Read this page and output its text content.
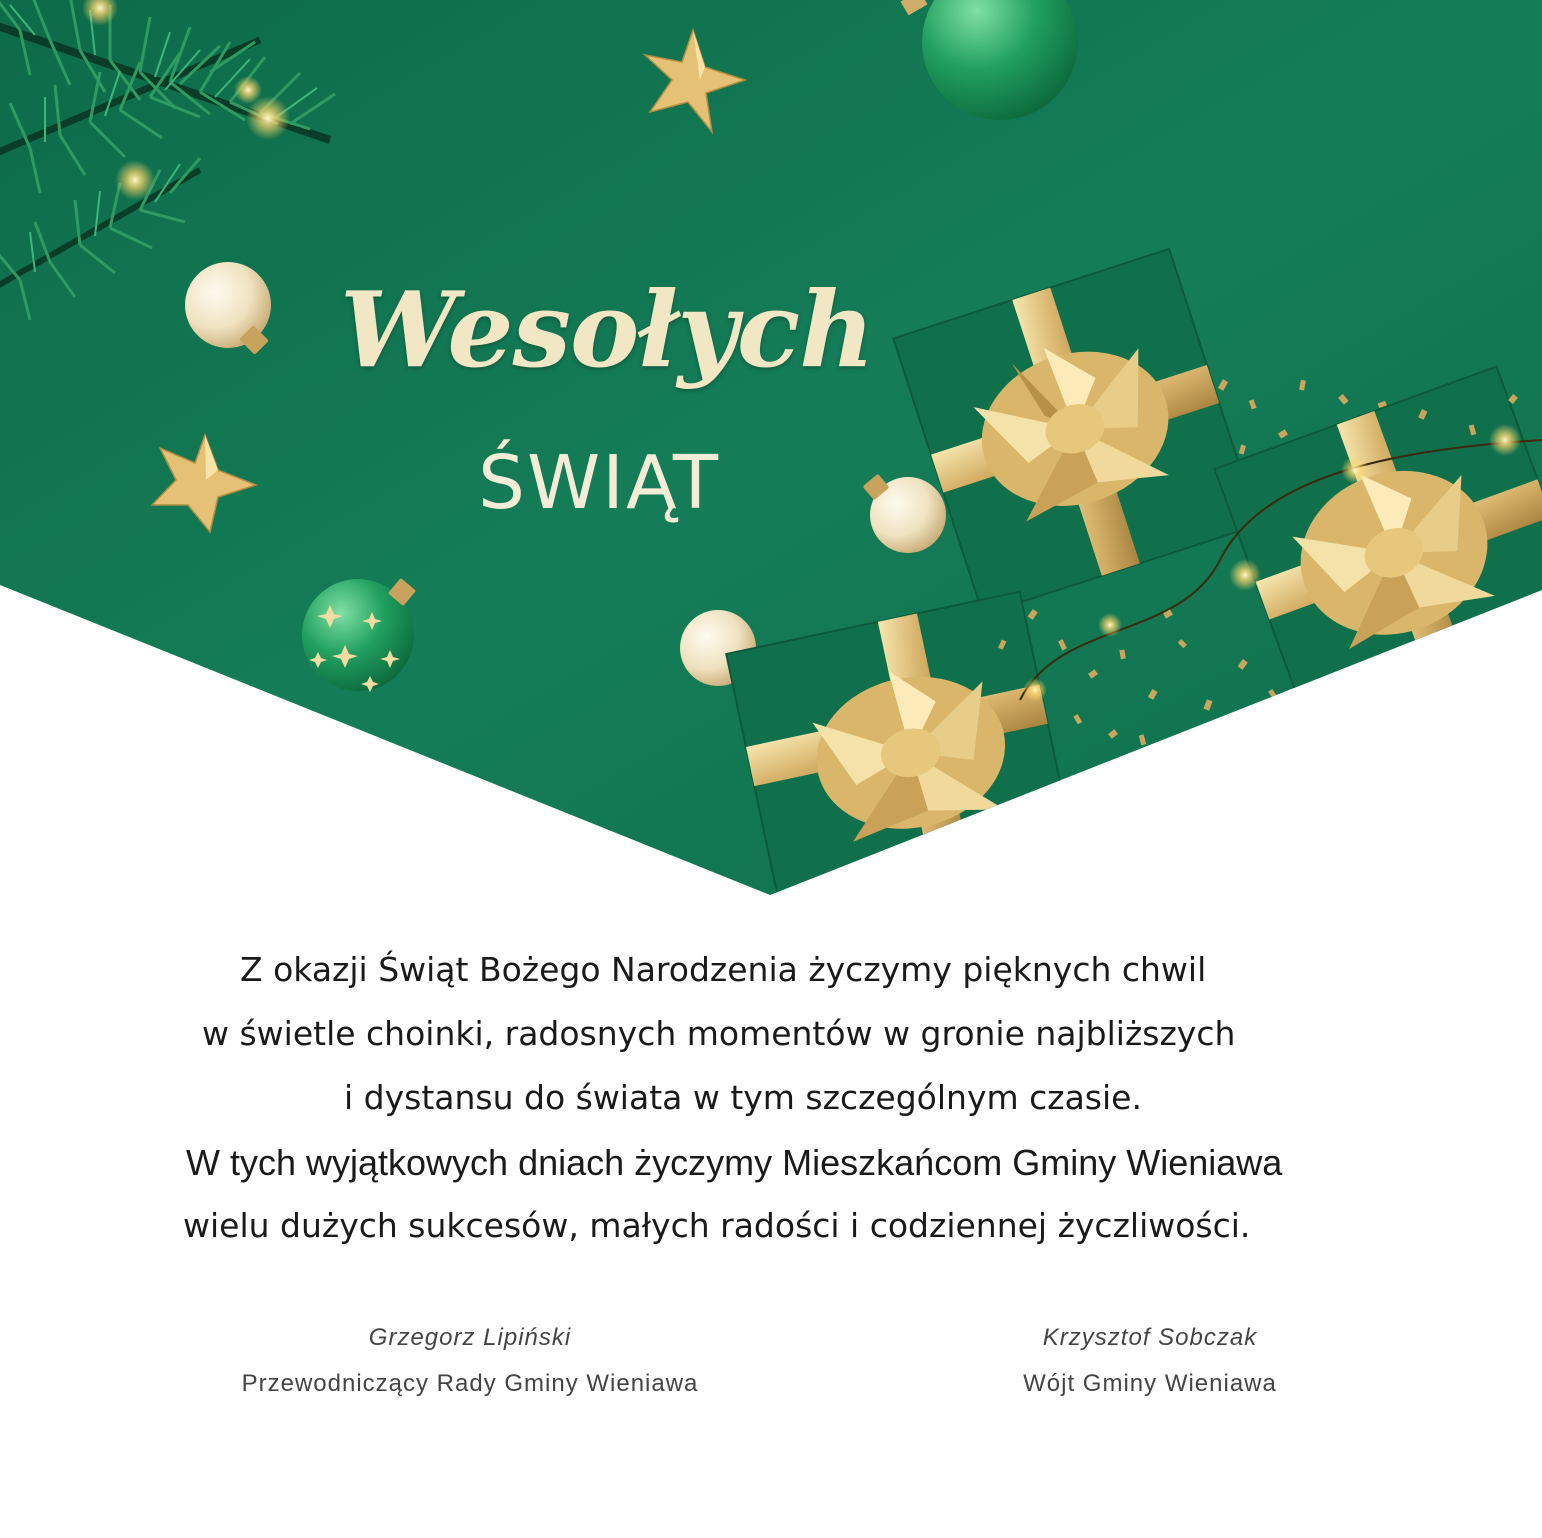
Wesołych
ŚWIĄT
Z okazji Świąt Bożego Narodzenia życzymy pięknych chwil
w świetle choinki, radosnych momentów w gronie najbliższych
i dystansu do świata w tym szczególnym czasie.
W tych wyjątkowych dniach życzymy Mieszkańcom Gminy Wieniawa
wielu dużych sukcesów, małych radości i codziennej życzliwości.
Grzegorz Lipiński
Przewodniczący Rady Gminy Wieniawa
Krzysztof Sobczak
Wójt Gminy Wieniawa
